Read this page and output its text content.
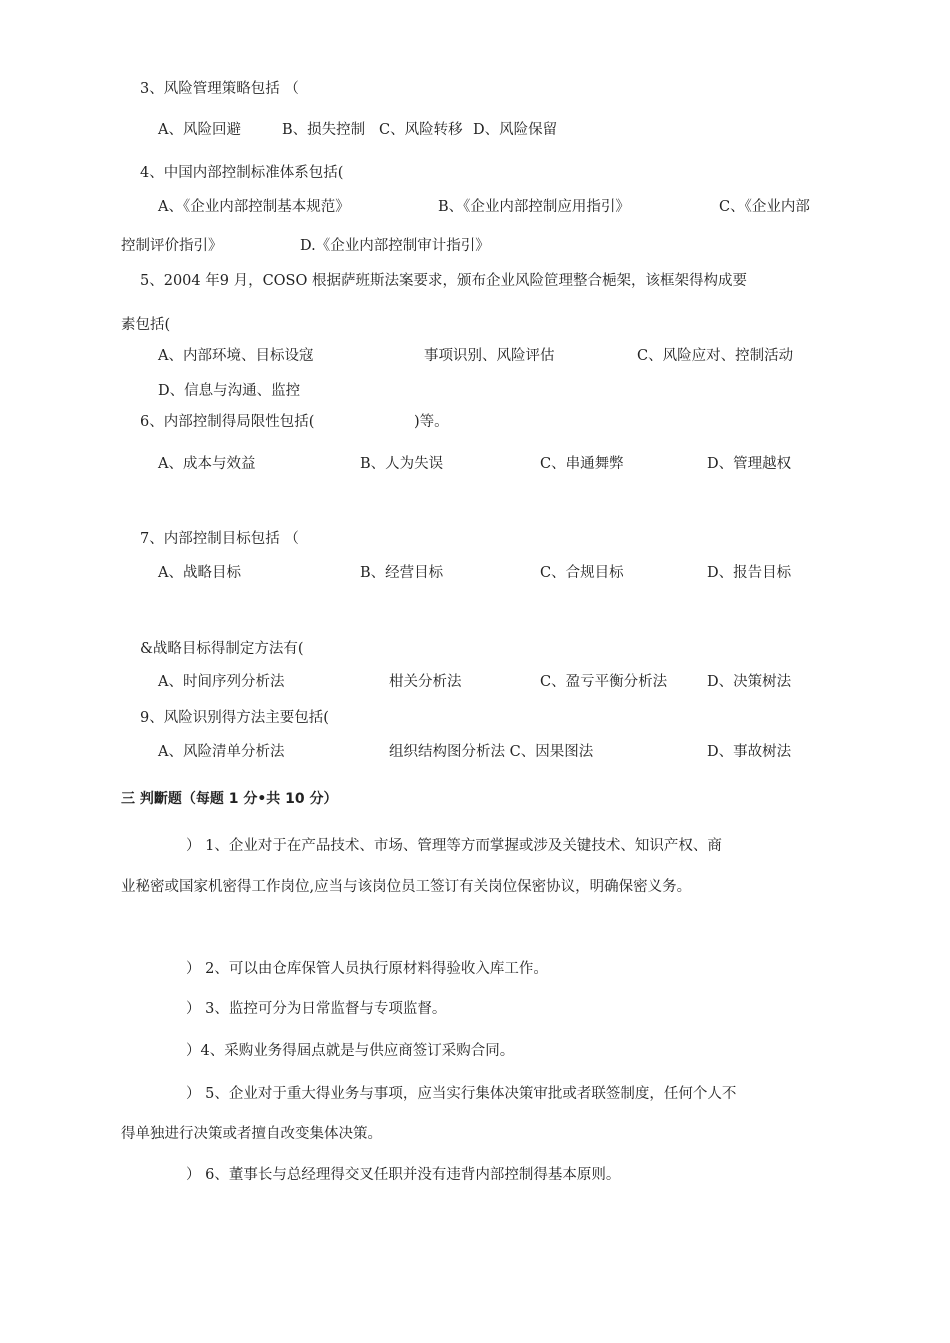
3、风险管理策略包括 （
A、风险回避	B、损失控制 C、风险转移 D、风险保留
4、中国内部控制标准体系包括(
A、《企业内部控制基本规范》	B、《企业内部控制应用指引》	C、《企业内部
控制评价指引》	D.《企业内部控制审计指引》
5、2004 年9 月，COSO 根据萨班斯法案要求，颁布企业风险笸理整合梔架，该框架得构成要
素包括(
A、内部环境、目标设寇	事项识别、风险评估	C、风险应对、控制活动
D、信息与沟通、监控
6、内部控制得局限性包括(	)等。
A、成本与效益	B、人为失误	C、串通舞弊	D、管理越权
7、内部控制目标包括 （
A、战略目标	B、经营目标	C、合规目标	D、报告目标
&战略目标得制定方法有(
A、时间序列分析法	柑关分析法	C、盈亏平衡分析法	D、决策树法
9、风险识别得方法主要包括(
A、风险清单分析法	组织结构图分析法 C、因果图法	D、事故树法
三 判斷题（每题 1 分•共 10 分）
） 1、企业对于在产品技术、市场、管理等方而掌握或涉及关键技术、知识产权、商
业秘密或国家机密得工作岗位,应当与该岗位员工签订有关岗位保密协议，明确保密义务。
） 2、可以由仓库保管人员执行原材料得验收入库工作。
） 3、监控可分为日常监督与专项监督。
）4、采购业务得屆点就是与供应商签订采购合同。
） 5、企业对于重大得业务与事项，应当实行集体决策审批或者联签制度，任何个人不
得单独进行决策或者擅自改变集体决策。
） 6、董事长与总经理得交叉任职并没有违背内部控制得基本原则。
